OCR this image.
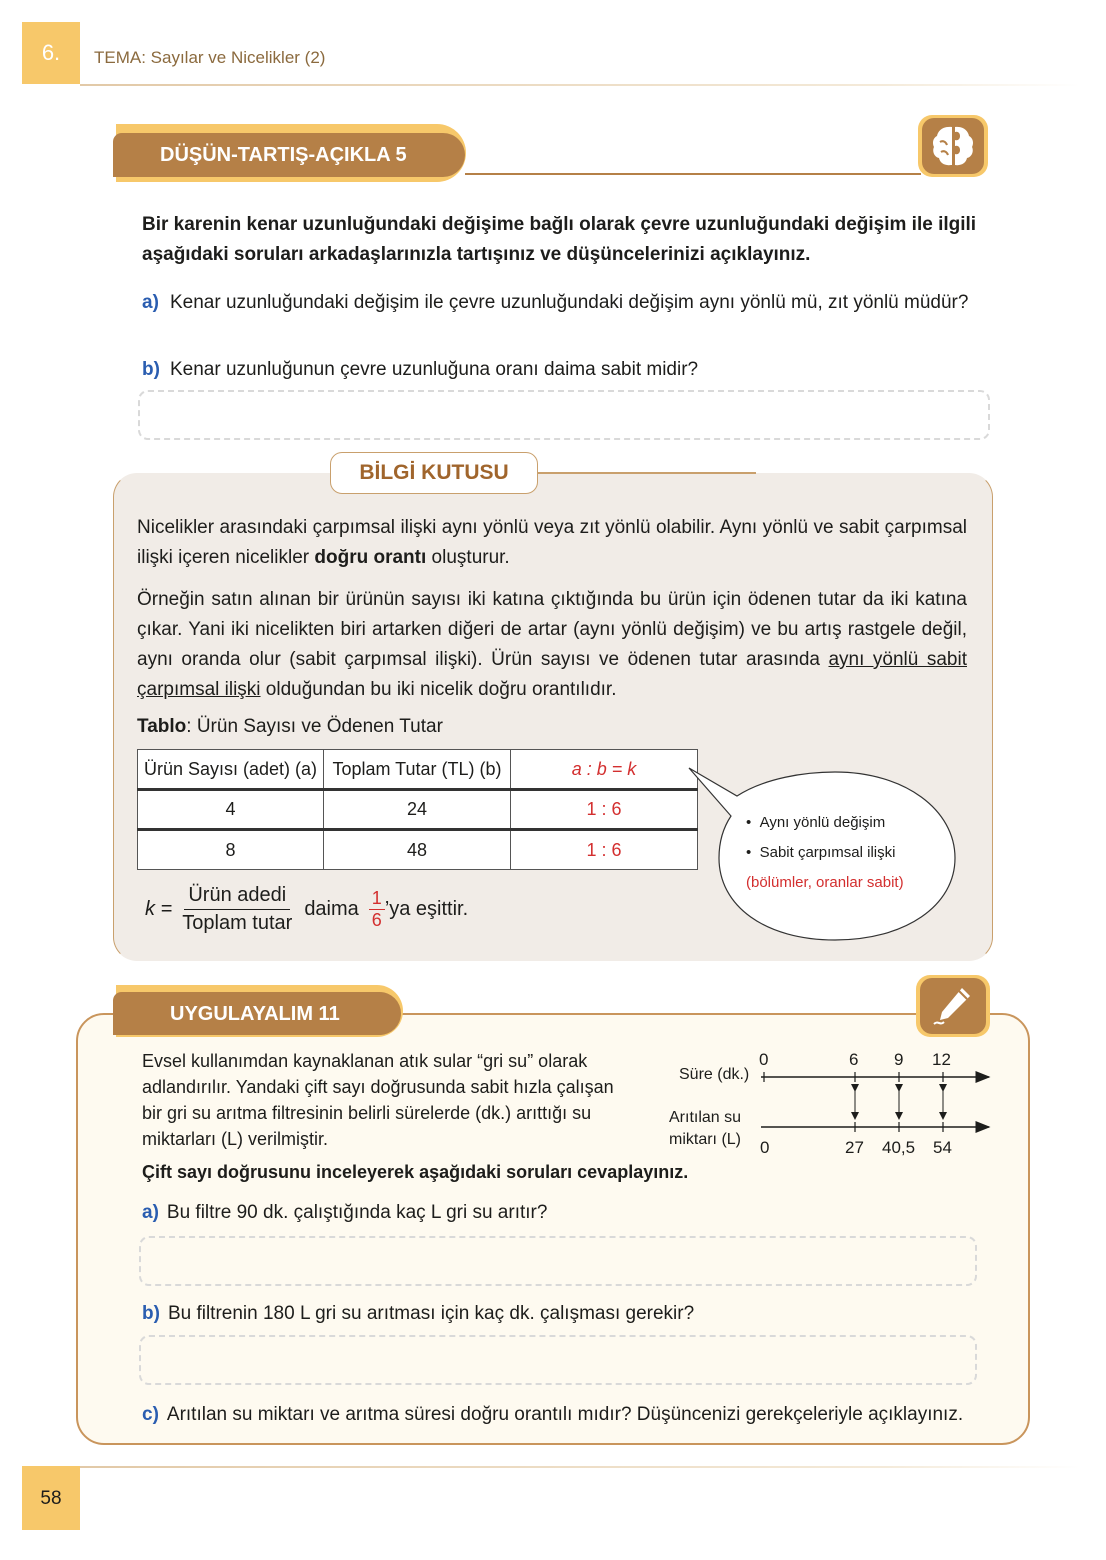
6.	TEMA: Sayılar ve Nicelikler (2)
DÜŞÜN-TARTIŞ-AÇIKLA 5
Bir karenin kenar uzunluğundaki değişime bağlı olarak çevre uzunluğundaki değişim ile ilgili aşağıdaki soruları arkadaşlarınızla tartışınız ve düşüncelerinizi açıklayınız.
a) Kenar uzunluğundaki değişim ile çevre uzunluğundaki değişim aynı yönlü mü, zıt yönlü müdür?
b) Kenar uzunluğunun çevre uzunluğuna oranı daima sabit midir?
BİLGİ KUTUSU
Nicelikler arasındaki çarpımsal ilişki aynı yönlü veya zıt yönlü olabilir. Aynı yönlü ve sabit çarpımsal ilişki içeren nicelikler doğru orantı oluşturur.
Örneğin satın alınan bir ürünün sayısı iki katına çıktığında bu ürün için ödenen tutar da iki katına çıkar. Yani iki nicelikten biri artarken diğeri de artar (aynı yönlü değişim) ve bu artış rastgele değil, aynı oranda olur (sabit çarpımsal ilişki). Ürün sayısı ve ödenen tutar arasında aynı yönlü sabit çarpımsal ilişki olduğundan bu iki nicelik doğru orantılıdır.
Tablo: Ürün Sayısı ve Ödenen Tutar
Ürün Sayısı (adet) (a)	Toplam Tutar (TL) (b)	a : b = k
4	24	1 : 6
8	48	1 : 6
•  Aynı yönlü değişim
•  Sabit çarpımsal ilişki
(bölümler, oranlar sabit)
k =
Ürün adedi
Toplam tutar
daima $\frac{1}{6}$ ’ya eşittir.
UYGULAYALIM 11
Evsel kullanımdan kaynaklanan atık sular “gri su” olarak adlandırılır. Yandaki çift sayı doğrusunda sabit hızla çalışan bir gri su arıtma filtresinin belirli sürelerde (dk.) arıttığı su miktarları (L) verilmiştir.
Çift sayı doğrusunu inceleyerek aşağıdaki soruları cevaplayınız.
Süre (dk.)
Arıtılan su
miktarı (L)
0	6 9 12
0	27 40,5 54
a) Bu filtre 90 dk. çalıştığında kaç L gri su arıtır?
b) Bu filtrenin 180 L gri su arıtması için kaç dk. çalışması gerekir?
c) Arıtılan su miktarı ve arıtma süresi doğru orantılı mıdır? Düşüncenizi gerekçeleriyle açıklayınız.
58
